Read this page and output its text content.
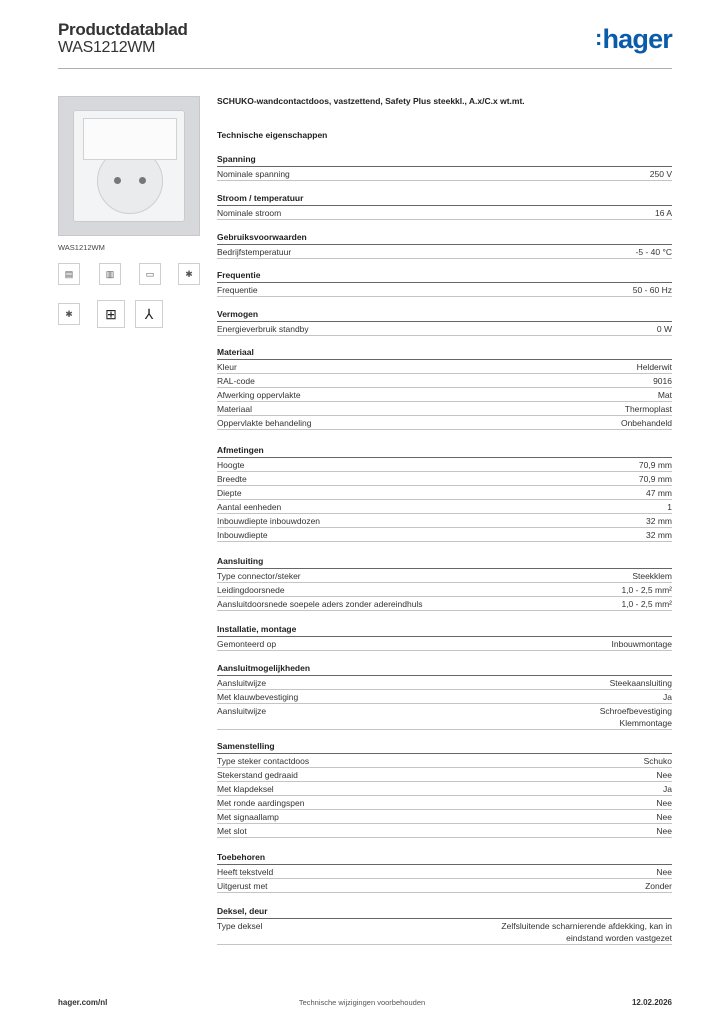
Productdatablad
WAS1212WM	:hager
WAS1212WM
▤	▥	▭	✱
✱	⊞	⅄
SCHUKO-wandcontactdoos, vastzettend, Safety Plus steekkl., A.x/C.x wt.mt.
Technische eigenschappen
Spanning
Nominale spanning	250 V
Stroom / temperatuur
Nominale stroom	16 A
Gebruiksvoorwaarden
Bedrijfstemperatuur	-5 - 40 °C
Frequentie
Frequentie	50 - 60 Hz
Vermogen
Energieverbruik standby	0 W
Materiaal
Kleur	Helderwit
RAL-code	9016
Afwerking oppervlakte	Mat
Materiaal	Thermoplast
Oppervlakte behandeling	Onbehandeld
Afmetingen
Hoogte	70,9 mm
Breedte	70,9 mm
Diepte	47 mm
Aantal eenheden	1
Inbouwdiepte inbouwdozen	32 mm
Inbouwdiepte	32 mm
Aansluiting
Type connector/steker	Steekklem
Leidingdoorsnede	1,0 - 2,5 mm²
Aansluitdoorsnede soepele aders zonder adereindhuls	1,0 - 2,5 mm²
Installatie, montage
Gemonteerd op	Inbouwmontage
Aansluitmogelijkheden
Aansluitwijze	Steekaansluiting
Met klauwbevestiging	Ja
Aansluitwijze	Schroefbevestiging
Klemmontage
Samenstelling
Type steker contactdoos	Schuko
Stekerstand gedraaid	Nee
Met klapdeksel	Ja
Met ronde aardingspen	Nee
Met signaallamp	Nee
Met slot	Nee
Toebehoren
Heeft tekstveld	Nee
Uitgerust met	Zonder
Deksel, deur
Type deksel	Zelfsluitende scharnierende afdekking, kan in
eindstand worden vastgezet
hager.com/nl	Technische wijzigingen voorbehouden	12.02.2026
